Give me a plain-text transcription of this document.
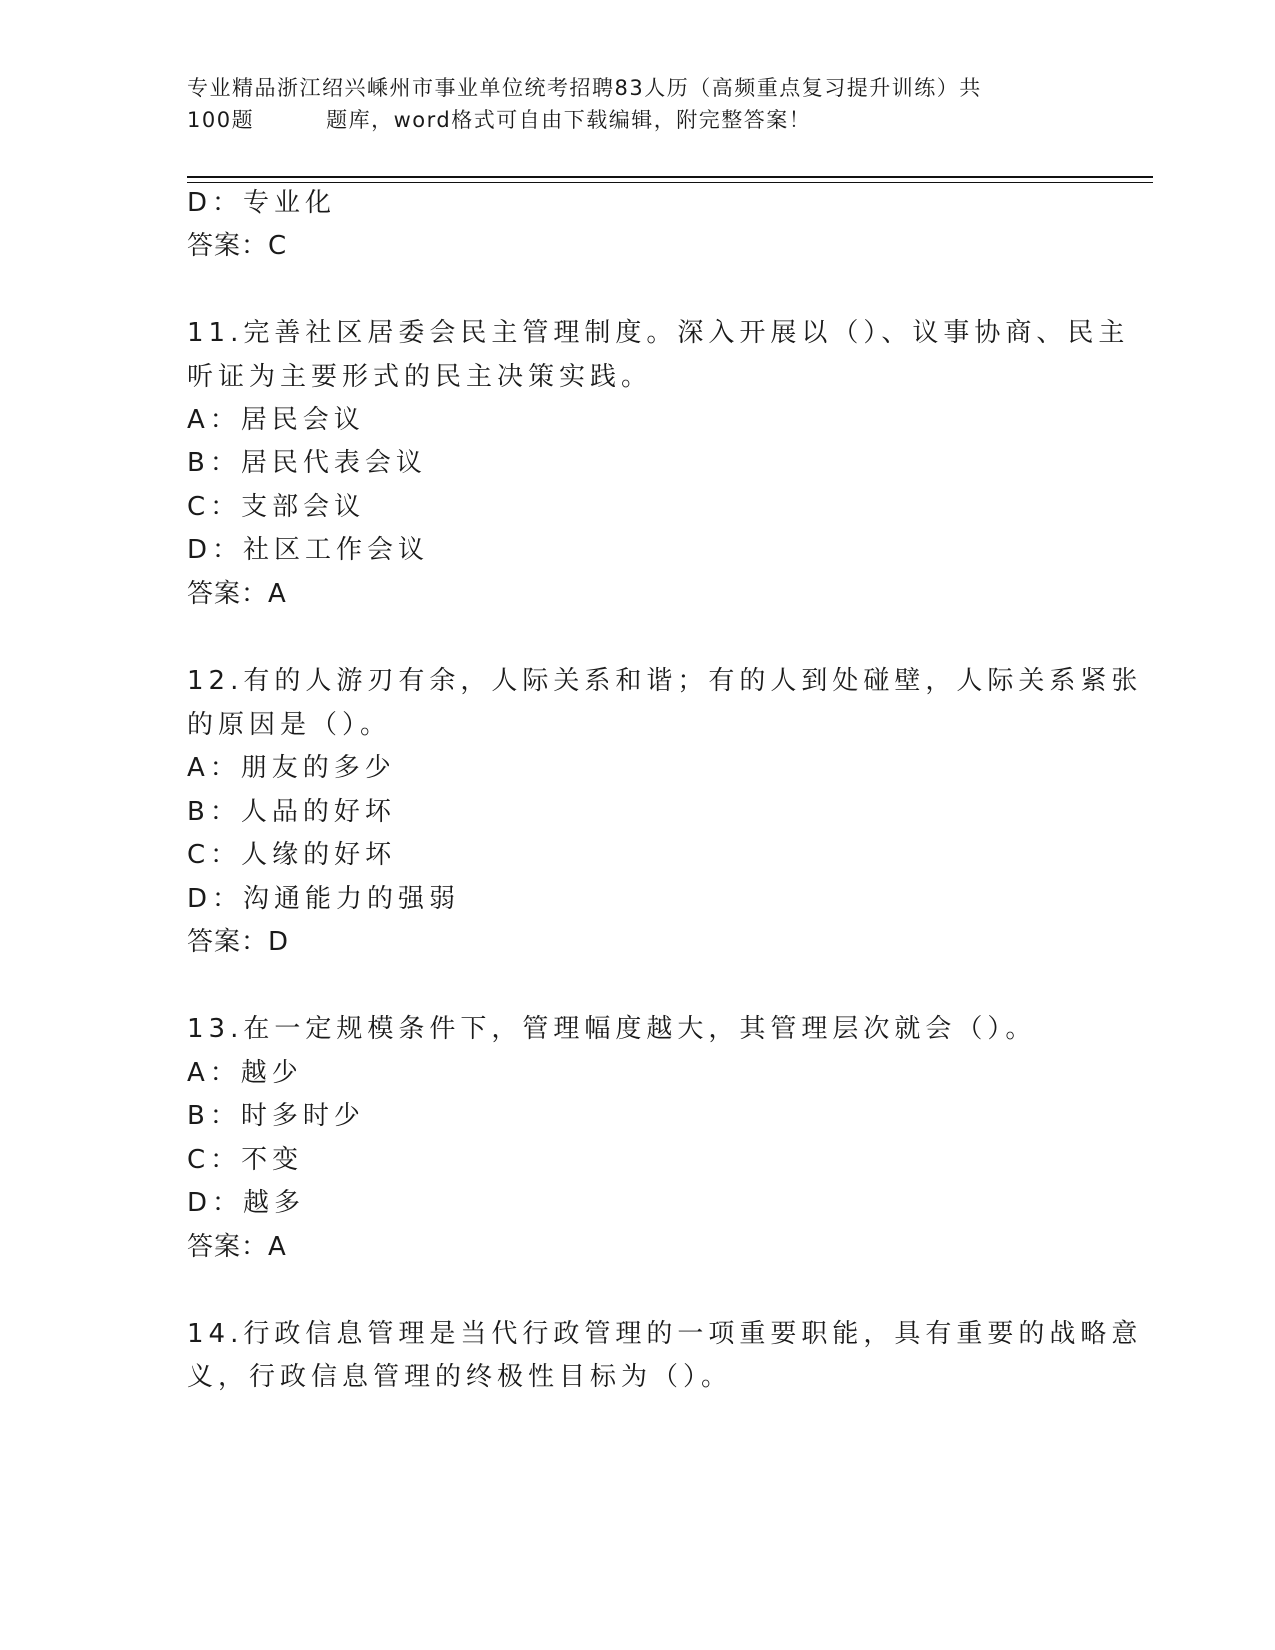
专业精品浙江绍兴嵊州市事业单位统考招聘83人历（高频重点复习提升训练）共
100题	题库，word格式可自由下载编辑，附完整答案！
D：专业化
答案：C
11.完善社区居委会民主管理制度。深入开展以（）、议事协商、民主
听证为主要形式的民主决策实践。
A：居民会议
B：居民代表会议
C：支部会议
D：社区工作会议
答案：A
12.有的人游刃有余，人际关系和谐；有的人到处碰壁，人际关系紧张
的原因是（）。
A：朋友的多少
B：人品的好坏
C：人缘的好坏
D：沟通能力的强弱
答案：D
13.在一定规模条件下，管理幅度越大，其管理层次就会（）。
A：越少
B：时多时少
C：不变
D：越多
答案：A
14.行政信息管理是当代行政管理的一项重要职能，具有重要的战略意
义，行政信息管理的终极性目标为（）。
